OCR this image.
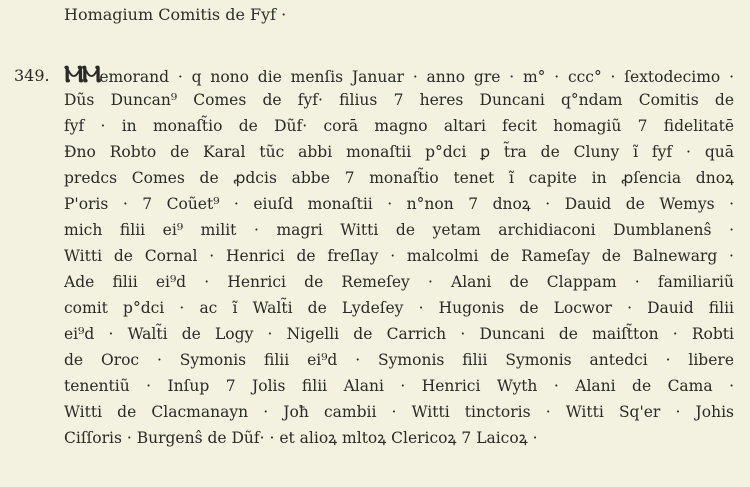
Homagium Comitis de Fyf ·
349. ⲘⲘemorand · q nono die menſis Januar · anno gre · m° · ccc° · ſextodecimo ·
Dũs Duncan⁹ Comes de fyf· filius 7 heres Duncani q°ndam Comitis de
fyf · in monaſt̃io de Dũf· corā magno altari fecit homagiũ 7 fidelitatē
Ðno Robto de Karal tũc abbi monaſtii p°dci ꝑ t̃ra de Cluny ĩ fyf · quā
predcs Comes de ꝓdcis abbe 7 monaſt̃io tenet ĩ capite in ꝓſencia dnoꝝ
P'oris · 7 Coũet⁹ · eiuſd monaſtii · n°non 7 dnoꝝ · Dauid de Wemys ·
mich filii ei⁹ milit · magri Witti de yetam archidiaconi Dumblanenŝ ·
Witti de Cornal · Henrici de freſlay · malcolmi de Rameſay de Balnewarg ·
Ade filii ei⁹d · Henrici de Remeſey · Alani de Clappam · familiariũ
comit p°dci · ac ĩ Walt̃i de Lydeſey · Hugonis de Locwor · Dauid filii
ei⁹d · Walt̃i de Logy · Nigelli de Carrich · Duncani de maiſt̃ton · Robti
de Oroc · Symonis filii ei⁹d · Symonis filii Symonis antedci · libere
tenentiũ · Inſup 7 Jolis filii Alani · Henrici Wyth · Alani de Cama ·
Witti de Clacmanayn · Joħ cambii · Witti tinctoris · Witti Sq'er · Johis
Ciſſoris · Burgenŝ de Dũf· · et alioꝝ mltoꝝ Clericoꝝ 7 Laicoꝝ ·
